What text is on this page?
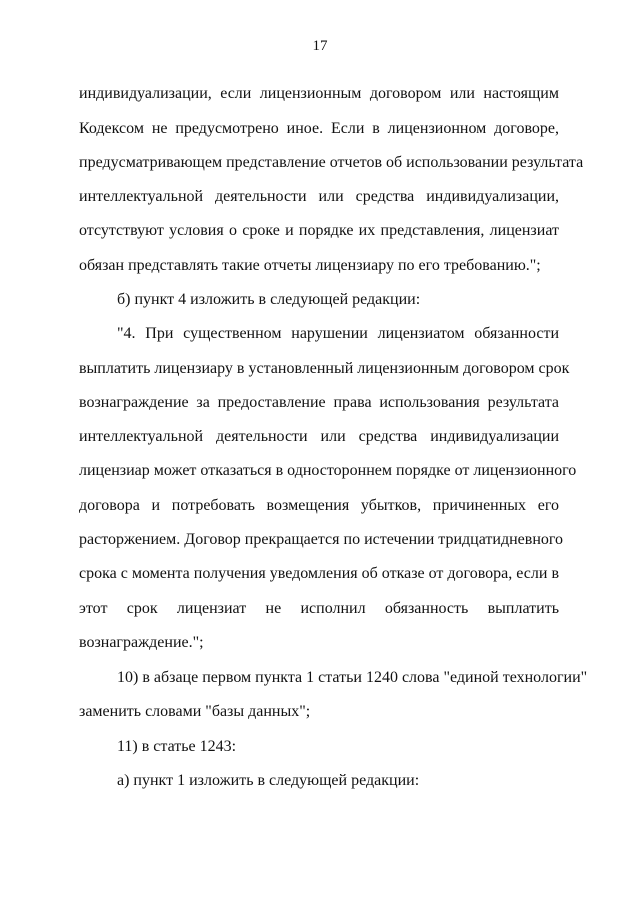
17
индивидуализации, если лицензионным договором или настоящим
Кодексом не предусмотрено иное. Если в лицензионном договоре,
предусматривающем представление отчетов об использовании результата
интеллектуальной деятельности или средства индивидуализации,
отсутствуют условия о сроке и порядке их представления, лицензиат
обязан представлять такие отчеты лицензиару по его требованию.";
б) пункт 4 изложить в следующей редакции:
"4. При существенном нарушении лицензиатом обязанности
выплатить лицензиару в установленный лицензионным договором срок
вознаграждение за предоставление права использования результата
интеллектуальной деятельности или средства индивидуализации
лицензиар может отказаться в одностороннем порядке от лицензионного
договора и потребовать возмещения убытков, причиненных его
расторжением. Договор прекращается по истечении тридцатидневного
срока с момента получения уведомления об отказе от договора, если в
этот срок лицензиат не исполнил обязанность выплатить
вознаграждение.";
10) в абзаце первом пункта 1 статьи 1240 слова "единой технологии"
заменить словами "базы данных";
11) в статье 1243:
а) пункт 1 изложить в следующей редакции:
